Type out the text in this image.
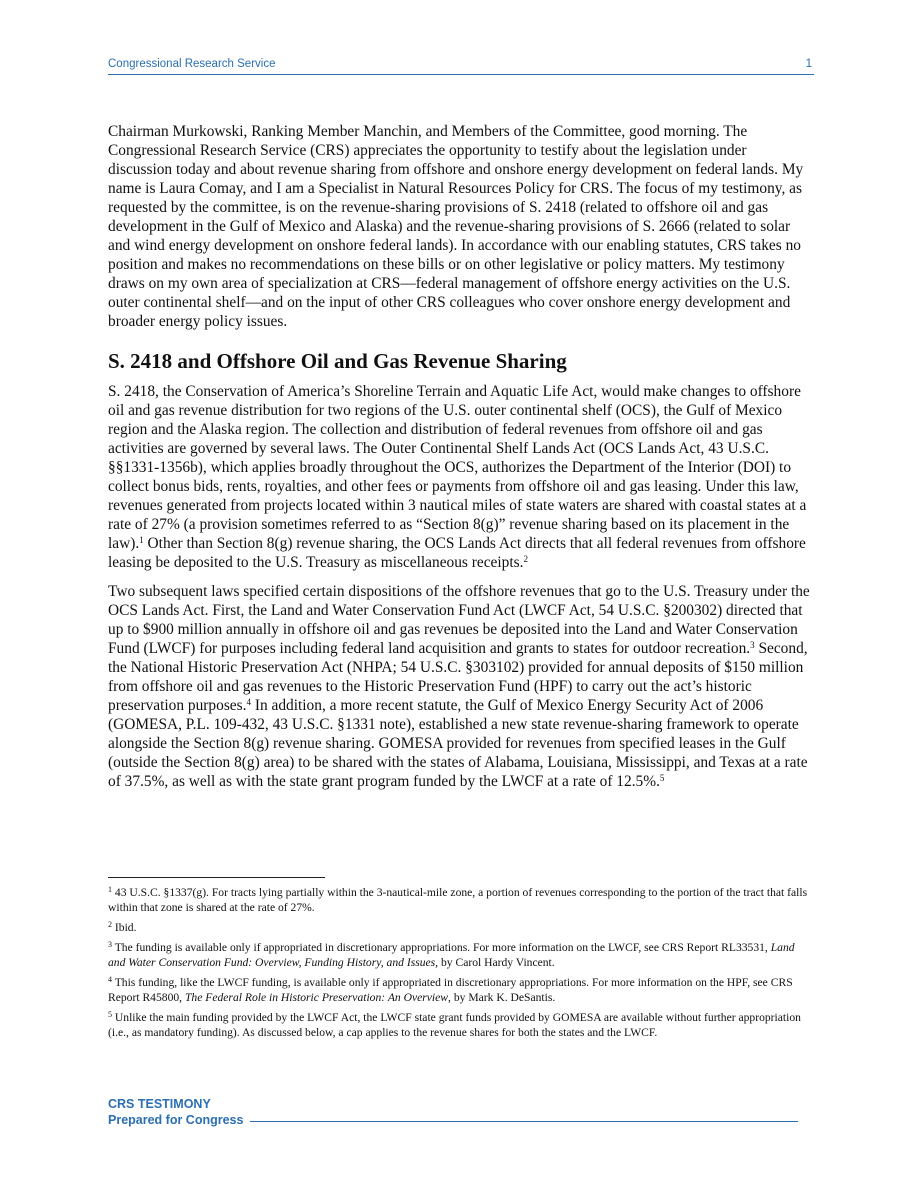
Congressional Research Service	1

Chairman Murkowski, Ranking Member Manchin, and Members of the Committee, good morning. The Congressional Research Service (CRS) appreciates the opportunity to testify about the legislation under discussion today and about revenue sharing from offshore and onshore energy development on federal lands. My name is Laura Comay, and I am a Specialist in Natural Resources Policy for CRS. The focus of my testimony, as requested by the committee, is on the revenue-sharing provisions of S. 2418 (related to offshore oil and gas development in the Gulf of Mexico and Alaska) and the revenue-sharing provisions of S. 2666 (related to solar and wind energy development on onshore federal lands). In accordance with our enabling statutes, CRS takes no position and makes no recommendations on these bills or on other legislative or policy matters. My testimony draws on my own area of specialization at CRS—federal management of offshore energy activities on the U.S. outer continental shelf—and on the input of other CRS colleagues who cover onshore energy development and broader energy policy issues.

S. 2418 and Offshore Oil and Gas Revenue Sharing

S. 2418, the Conservation of America’s Shoreline Terrain and Aquatic Life Act, would make changes to offshore oil and gas revenue distribution for two regions of the U.S. outer continental shelf (OCS), the Gulf of Mexico region and the Alaska region. The collection and distribution of federal revenues from offshore oil and gas activities are governed by several laws. The Outer Continental Shelf Lands Act (OCS Lands Act, 43 U.S.C. §§1331-1356b), which applies broadly throughout the OCS, authorizes the Department of the Interior (DOI) to collect bonus bids, rents, royalties, and other fees or payments from offshore oil and gas leasing. Under this law, revenues generated from projects located within 3 nautical miles of state waters are shared with coastal states at a rate of 27% (a provision sometimes referred to as “Section 8(g)” revenue sharing based on its placement in the law).$^1$ Other than Section 8(g) revenue sharing, the OCS Lands Act directs that all federal revenues from offshore leasing be deposited to the U.S. Treasury as miscellaneous receipts.$^2$

Two subsequent laws specified certain dispositions of the offshore revenues that go to the U.S. Treasury under the OCS Lands Act. First, the Land and Water Conservation Fund Act (LWCF Act, 54 U.S.C. §200302) directed that up to $900 million annually in offshore oil and gas revenues be deposited into the Land and Water Conservation Fund (LWCF) for purposes including federal land acquisition and grants to states for outdoor recreation.$^3$ Second, the National Historic Preservation Act (NHPA; 54 U.S.C. §303102) provided for annual deposits of $150 million from offshore oil and gas revenues to the Historic Preservation Fund (HPF) to carry out the act’s historic preservation purposes.$^4$ In addition, a more recent statute, the Gulf of Mexico Energy Security Act of 2006 (GOMESA, P.L. 109-432, 43 U.S.C. §1331 note), established a new state revenue-sharing framework to operate alongside the Section 8(g) revenue sharing. GOMESA provided for revenues from specified leases in the Gulf (outside the Section 8(g) area) to be shared with the states of Alabama, Louisiana, Mississippi, and Texas at a rate of 37.5%, as well as with the state grant program funded by the LWCF at a rate of 12.5%.$^5$

$^1$ 43 U.S.C. §1337(g). For tracts lying partially within the 3-nautical-mile zone, a portion of revenues corresponding to the portion of the tract that falls within that zone is shared at the rate of 27%.

$^2$ Ibid.

$^3$ The funding is available only if appropriated in discretionary appropriations. For more information on the LWCF, see CRS Report RL33531, Land and Water Conservation Fund: Overview, Funding History, and Issues, by Carol Hardy Vincent.

$^4$ This funding, like the LWCF funding, is available only if appropriated in discretionary appropriations. For more information on the HPF, see CRS Report R45800, The Federal Role in Historic Preservation: An Overview, by Mark K. DeSantis.

$^5$ Unlike the main funding provided by the LWCF Act, the LWCF state grant funds provided by GOMESA are available without further appropriation (i.e., as mandatory funding). As discussed below, a cap applies to the revenue shares for both the states and the LWCF.

CRS TESTIMONY
Prepared for Congress
